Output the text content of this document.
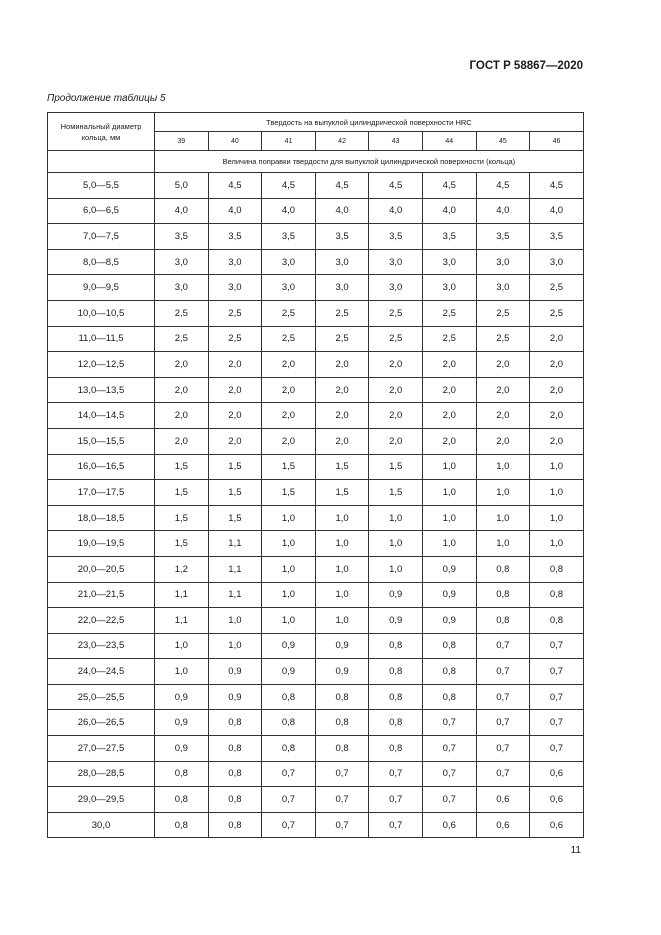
ГОСТ Р 58867—2020
Продолжение таблицы 5
Номинальный диаметр кольца, мм	Твердость на выпуклой цилиндрической поверхности HRC							
	39	40	41	42	43	44	45	46
	Величина поправки твердости для выпуклой цилиндрической поверхности (кольца)							
5,0—5,5	5,0	4,5	4,5	4,5	4,5	4,5	4,5	4,5
6,0—6,5	4,0	4,0	4,0	4,0	4,0	4,0	4,0	4,0
7,0—7,5	3,5	3,5	3,5	3,5	3,5	3,5	3,5	3,5
8,0—8,5	3,0	3,0	3,0	3,0	3,0	3,0	3,0	3,0
9,0—9,5	3,0	3,0	3,0	3,0	3,0	3,0	3,0	2,5
10,0—10,5	2,5	2,5	2,5	2,5	2,5	2,5	2,5	2,5
11,0—11,5	2,5	2,5	2,5	2,5	2,5	2,5	2,5	2,0
12,0—12,5	2,0	2,0	2,0	2,0	2,0	2,0	2,0	2,0
13,0—13,5	2,0	2,0	2,0	2,0	2,0	2,0	2,0	2,0
14,0—14,5	2,0	2,0	2,0	2,0	2,0	2,0	2,0	2,0
15,0—15,5	2,0	2,0	2,0	2,0	2,0	2,0	2,0	2,0
16,0—16,5	1,5	1,5	1,5	1,5	1,5	1,0	1,0	1,0
17,0—17,5	1,5	1,5	1,5	1,5	1,5	1,0	1,0	1,0
18,0—18,5	1,5	1,5	1,0	1,0	1,0	1,0	1,0	1,0
19,0—19,5	1,5	1,1	1,0	1,0	1,0	1,0	1,0	1,0
20,0—20,5	1,2	1,1	1,0	1,0	1,0	0,9	0,8	0,8
21,0—21,5	1,1	1,1	1,0	1,0	0,9	0,9	0,8	0,8
22,0—22,5	1,1	1,0	1,0	1,0	0,9	0,9	0,8	0,8
23,0—23,5	1,0	1,0	0,9	0,9	0,8	0,8	0,7	0,7
24,0—24,5	1,0	0,9	0,9	0,9	0,8	0,8	0,7	0,7
25,0—25,5	0,9	0,9	0,8	0,8	0,8	0,8	0,7	0,7
26,0—26,5	0,9	0,8	0,8	0,8	0,8	0,7	0,7	0,7
27,0—27,5	0,9	0,8	0,8	0,8	0,8	0,7	0,7	0,7
28,0—28,5	0,8	0,8	0,7	0,7	0,7	0,7	0,7	0,6
29,0—29,5	0,8	0,8	0,7	0,7	0,7	0,7	0,6	0,6
30,0	0,8	0,8	0,7	0,7	0,7	0,6	0,6	0,6
11
